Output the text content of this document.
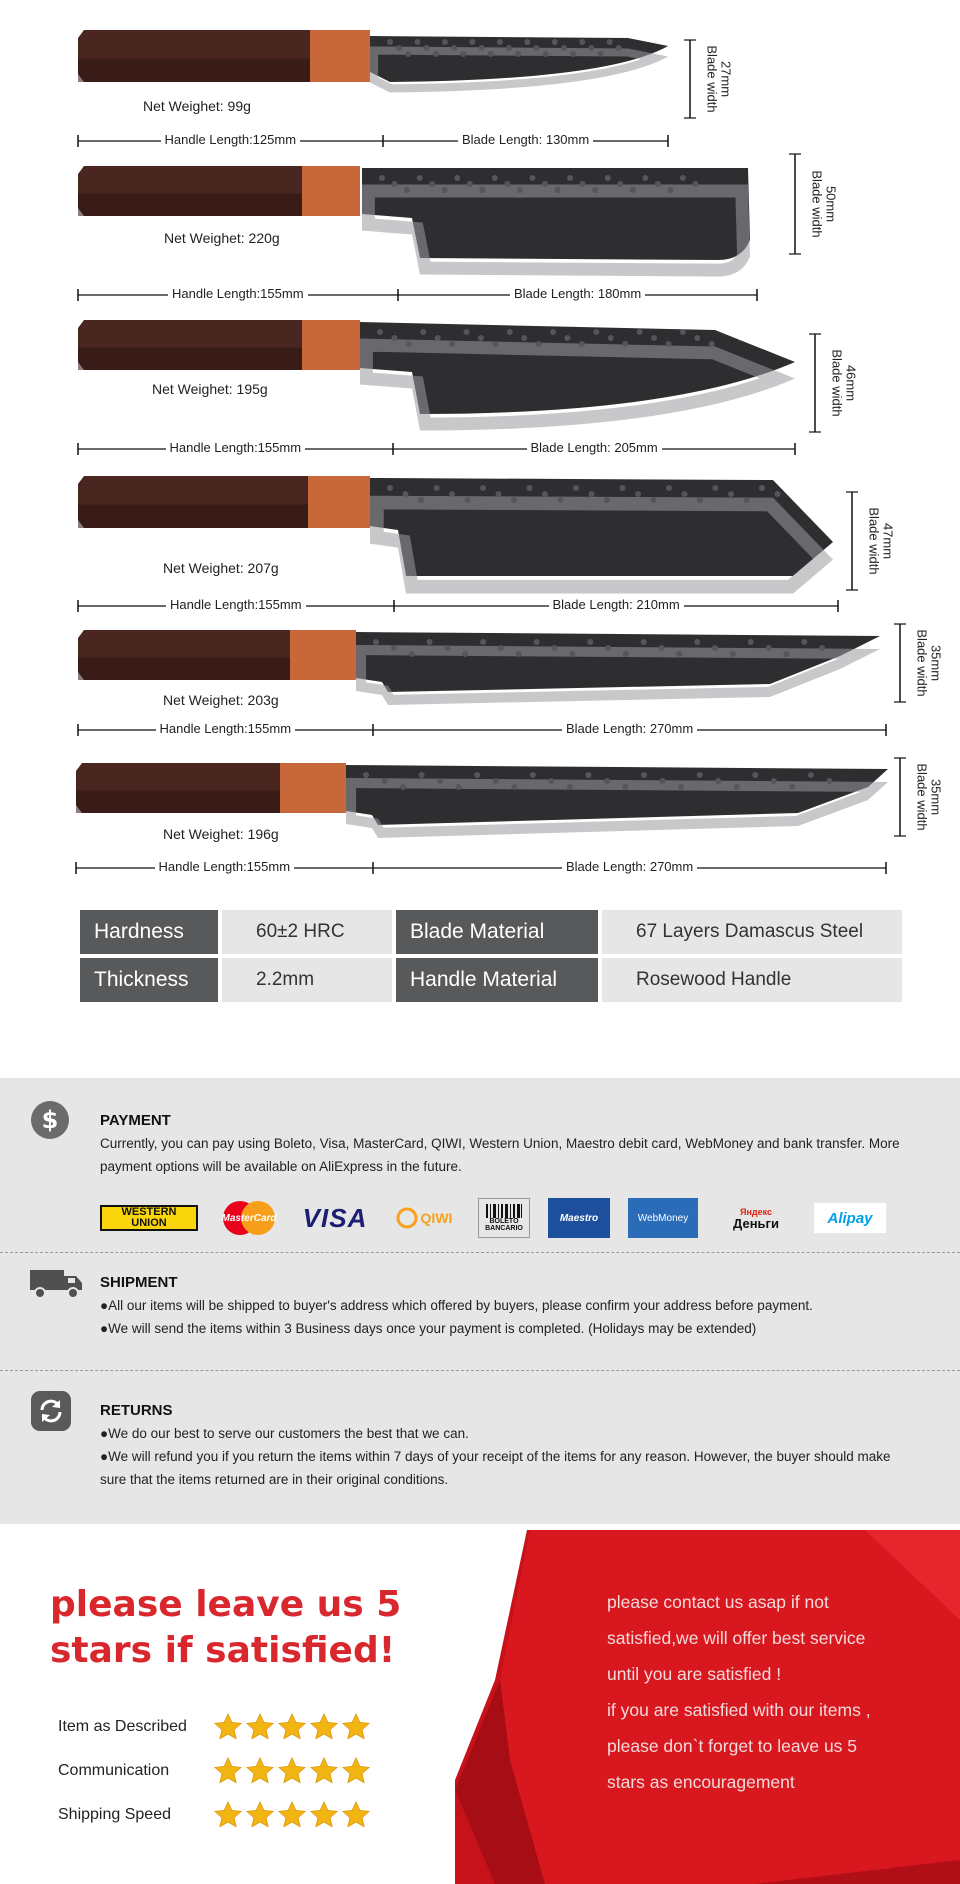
Net Weighet: 99g
Handle Length:125mm	Blade Length: 130mm
27mm
Blade width
Net Weighet: 220g
Handle Length:155mm	Blade Length: 180mm
50mm
Blade width
Net Weighet: 195g
Handle Length:155mm	Blade Length: 205mm
46mm
Blade width
Net Weighet: 207g
Handle Length:155mm	Blade Length: 210mm
47mm
Blade width
Net Weighet: 203g
Handle Length:155mm	Blade Length: 270mm
35mm
Blade width
Net Weighet: 196g
Handle Length:155mm	Blade Length: 270mm
35mm
Blade width
Hardness	60±2 HRC	Blade Material	67 Layers Damascus Steel
Thickness	2.2mm	Handle Material	Rosewood Handle
$	PAYMENT
Currently, you can pay using Boleto, Visa, MasterCard, QIWI, Western Union, Maestro debit card, WebMoney and bank transfer. More payment options will be available on AliExpress in the future.
WESTERN
UNION	MasterCard VISA	QIWI	BOLETO
BANCARIO
Maestro	WebMoney
Яндекс
Деньги	Alipay
SHIPMENT
●All our items will be shipped to buyer's address which offered by buyers, please confirm your address before payment.
●We will send the items within 3 Business days once your payment is completed. (Holidays may be extended)
RETURNS
●We do our best to serve our customers the best that we can.
●We will refund you if you return the items within 7 days of your receipt of the items for any reason. However, the buyer should make sure that the items returned are in their original conditions.
please leave us 5 stars if satisfied!
Item as Described
Communication
Shipping Speed
please contact us asap if not
satisfied,we will offer best service
until you are satisfied !
if you are satisfied with our items ,
please don`t forget to leave us 5
stars as encouragement
